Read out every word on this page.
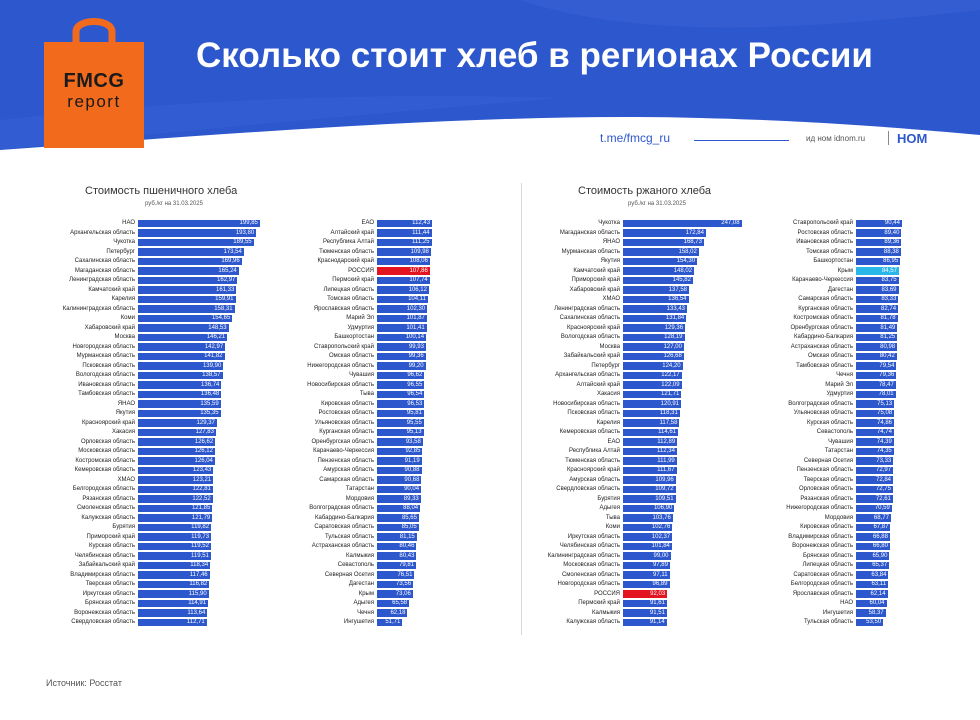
FMCG
report
Сколько стоит хлеб в регионах России
t.me/fmcg_ru	ид ном idnom.ru НОМ
Стоимость пшеничного хлеба
руб./кг на 31.03.2025
Стоимость ржаного хлеба
руб./кг на 31.03.2025
НАО	199,85
Архангельская область	193,80
Чукотка	189,55
Петербург	173,54
Сахалинская область	169,96
Магаданская область	165,24
Ленинградская область	162,97
Камчатский край	161,33
Карелия	159,91
Калининградская область	158,31
Коми	154,65
Хабаровский край	148,53
Москва	146,21
Новгородская область	142,97
Мурманская область	141,82
Псковская область	139,90
Вологодская область	138,57
Ивановская область	136,74
Тамбовская область	136,48
ЯНАО	135,59
Якутия	135,35
Красноярский край	129,37
Хакасия	127,83
Орловская область	126,62
Московская область	126,12
Костромская область	126,04
Кемеровская область	123,43
ХМАО	123,21
Белгородская область	122,81
Рязанская область	122,52
Смоленская область	121,85
Калужская область	121,79
Бурятия	119,82
Приморский край	119,73
Курская область	119,52
Челябинская область	119,51
Забайкальский край	118,34
Владимирская область	117,46
Тверская область	116,82
Иркутская область	115,90
Брянская область	114,91
Воронежская область	113,64
Свердловская область	112,71
ЕАО	112,43
Алтайский край	111,44
Республика Алтай	111,25
Тюменская область	109,98
Краснодарский край	108,06
РОССИЯ	107,86
Пермский край	107,74
Липецкая область	106,12
Томская область	104,11
Ярославская область	102,30
Марий Эл	101,87
Удмуртия	101,41
Башкортостан	100,14
Ставропольский край	99,93
Омская область	99,36
Нижегородская область	99,20
Чувашия	96,62
Новосибирская область	96,55
Тыва	96,54
Кировская область	96,53
Ростовская область	95,81
Ульяновская область	95,55
Курганская область	95,13
Оренбургская область	93,58
Карачаево-Черкессия	92,85
Пензенская область	91,19
Амурская область	90,88
Самарская область	90,68
Татарстан	90,04
Мордовия	89,33
Волгоградская область	88,04
Кабардино-Балкария	85,65
Саратовская область	85,05
Тульская область	81,15
Астраханская область	80,46
Калмыкия	80,43
Севастополь	79,81
Северная Осетия	76,51
Дагестан	73,56
Крым	73,06
Адыгея	65,58
Чечня	62,18
Ингушетия	51,71
Чукотка	247,08
Магаданская область	172,84
ЯНАО	168,73
Мурманская область	158,02
Якутия	154,30
Камчатский край	148,02
Приморский край	145,82
Хабаровский край	137,58
ХМАО	136,54
Ленинградская область	133,43
Сахалинская область	131,84
Красноярский край	129,36
Вологодская область	128,19
Москва	127,00
Забайкальский край	126,68
Петербург	124,20
Архангельская область	122,17
Алтайский край	122,09
Хакасия	121,71
Новосибирская область	120,91
Псковская область	118,31
Карелия	117,58
Кемеровская область	114,61
ЕАО	112,89
Республика Алтай	112,34
Тюменская область	111,99
Красноярский край	111,67
Амурская область	109,96
Свердловская область	109,72
Бурятия	109,51
Адыгея	106,90
Тыва	103,76
Коми	102,76
Иркутская область	102,37
Челябинская область	101,84
Калининградская область	99,00
Московская область	97,89
Смоленская область	97,11
Новгородская область	96,89
РОССИЯ	92,03
Пермский край	91,61
Калмыкия	91,51
Калужская область	91,14
Ставропольский край	90,44
Ростовская область	89,40
Ивановская область	89,36
Томская область	88,38
Башкортостан	86,95
Крым	84,57
Карачаево-Черкессия	83,75
Дагестан	83,69
Самарская область	83,33
Курганская область	82,74
Костромская область	81,78
Оренбургская область	81,49
Кабардино-Балкария	81,25
Астраханская область	80,98
Омская область	80,42
Тамбовская область	79,54
Чечня	79,36
Марий Эл	78,47
Удмуртия	78,01
Волгоградская область	75,13
Ульяновская область	75,08
Курская область	74,86
Севастополь	74,74
Чувашия	74,39
Татарстан	74,35
Северная Осетия	73,33
Пензенская область	72,97
Тверская область	72,84
Орловская область	72,75
Рязанская область	72,61
Нижегородская область	70,59
Мордовия	68,77
Кировская область	67,87
Владимирская область	66,88
Воронежская область	66,80
Брянская область	65,90
Липецкая область	65,37
Саратовская область	63,84
Белгородская область	63,11
Ярославская область	62,14
НАО	60,04
Ингушетия	58,37
Тульская область	53,50
Источник: Росстат
